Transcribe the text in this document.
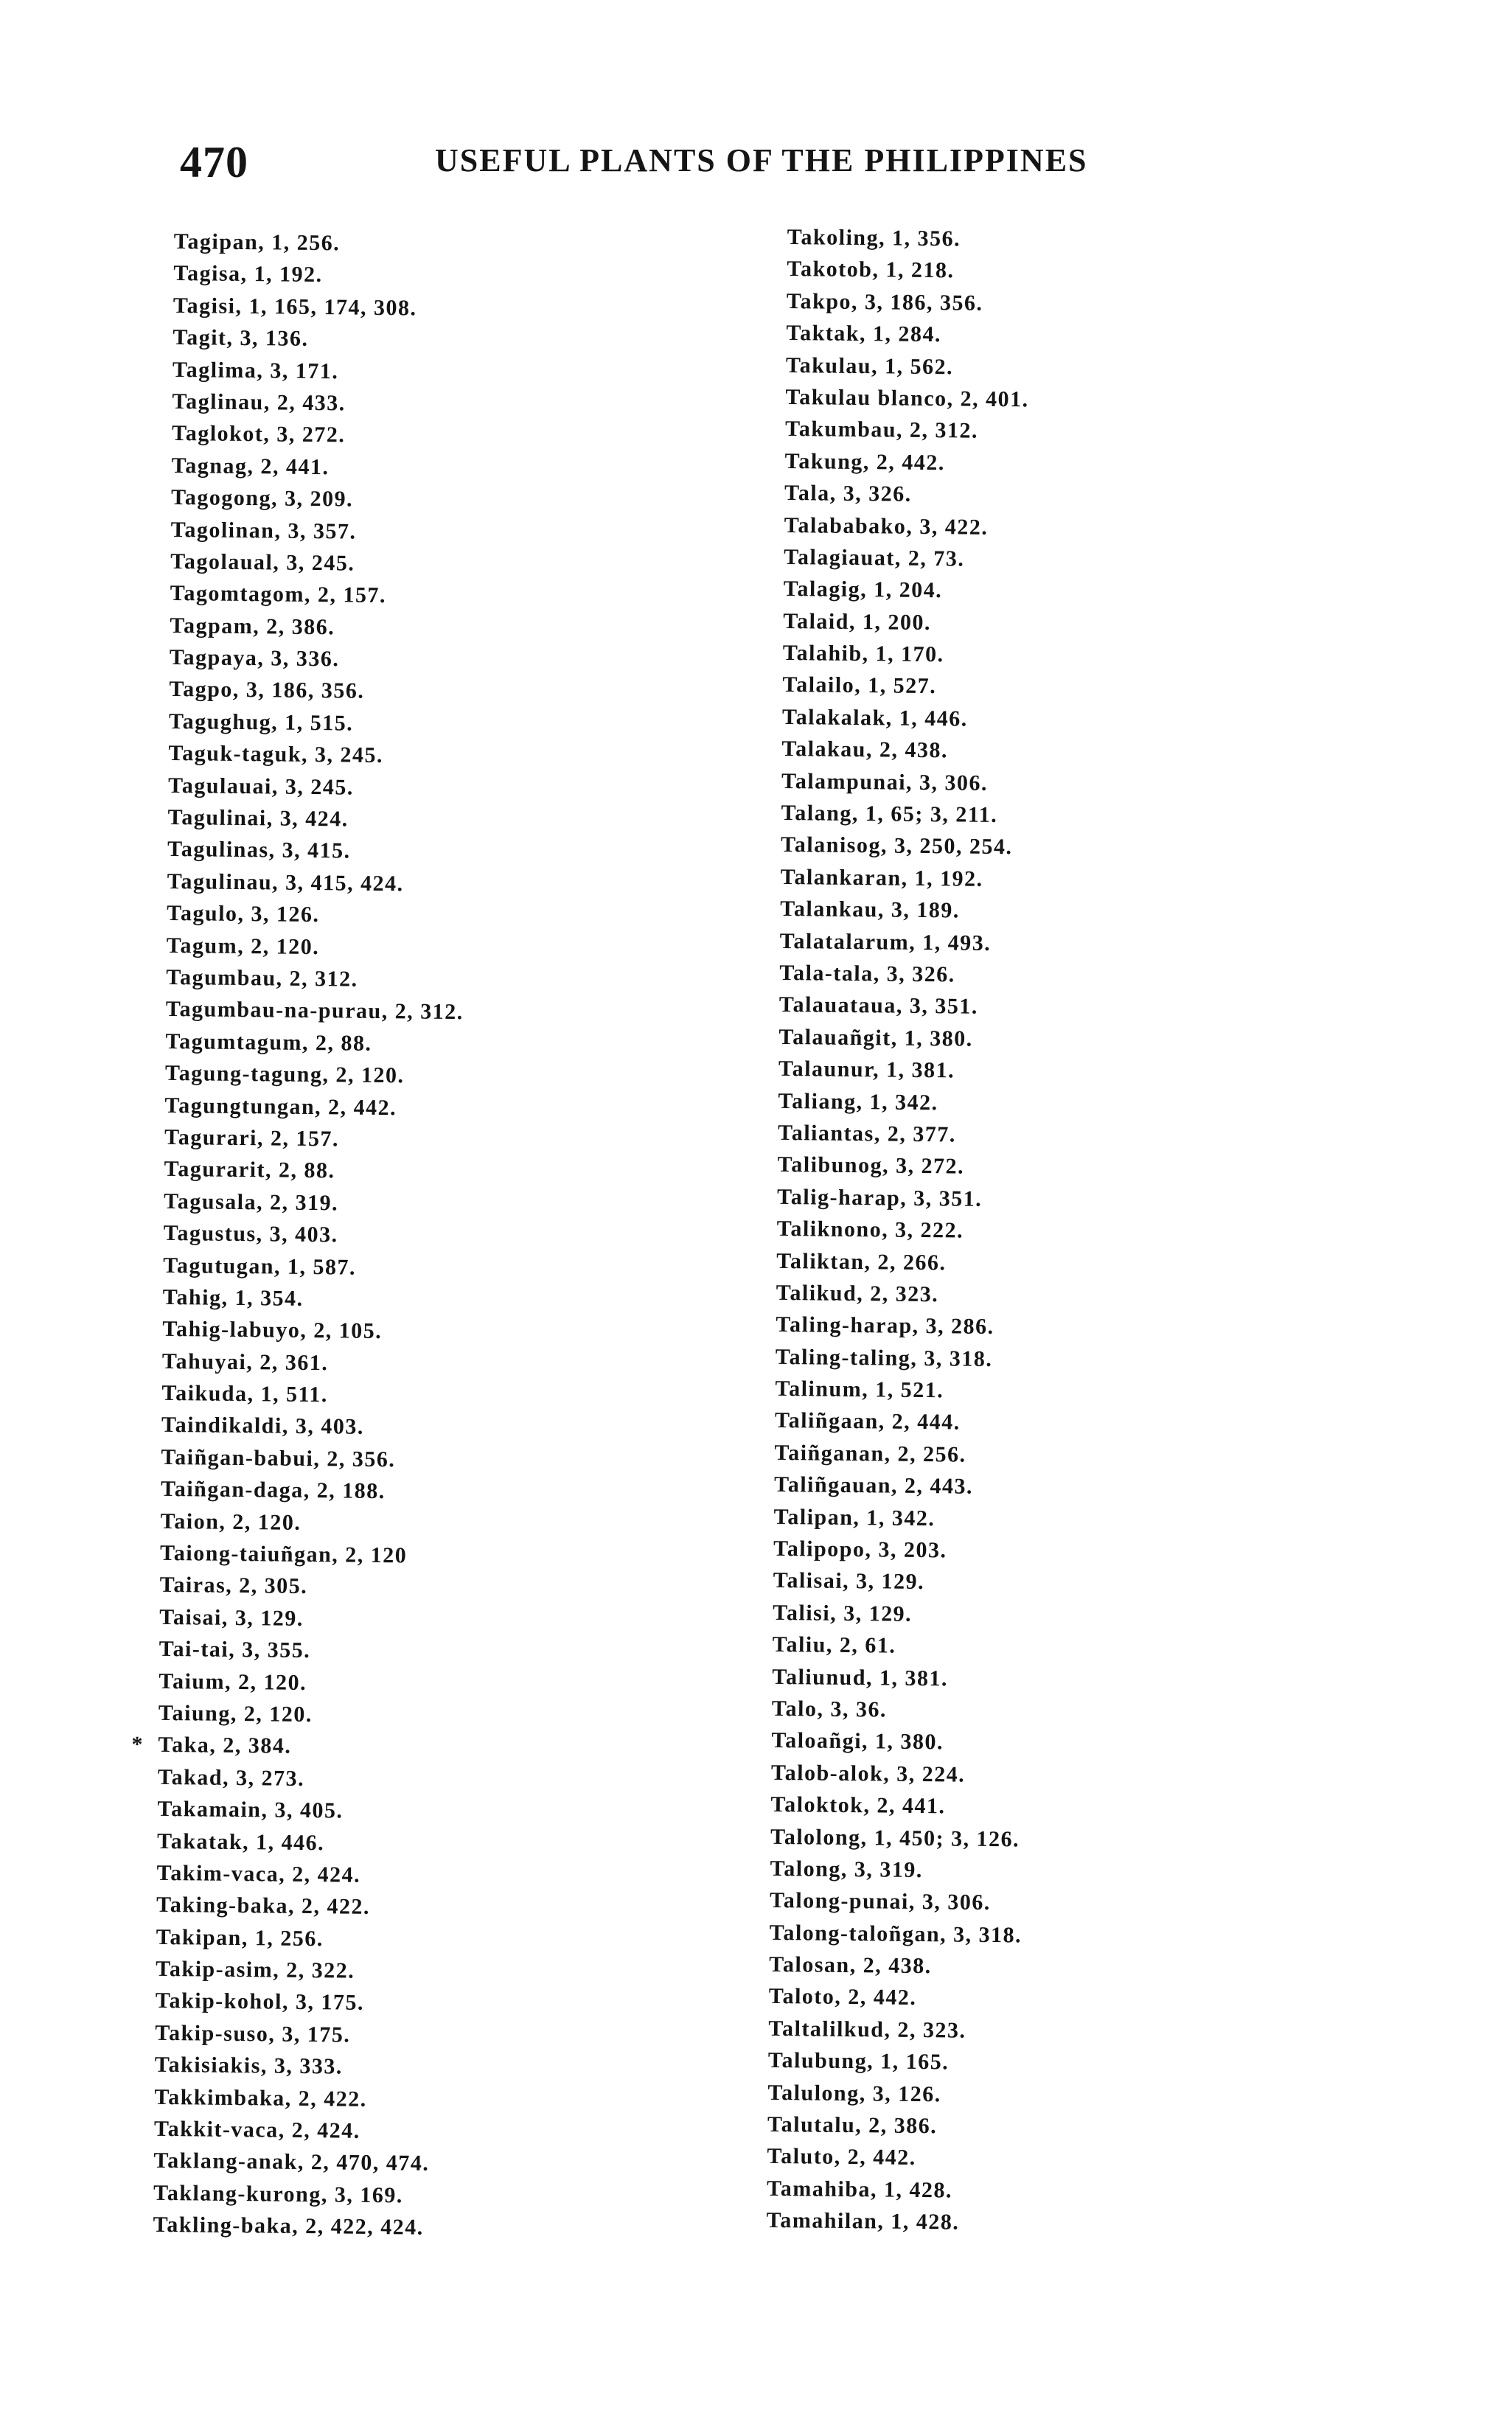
470	USEFUL PLANTS OF THE PHILIPPINES
Tagipan, 1, 256.
Tagisa, 1, 192.
Tagisi, 1, 165, 174, 308.
Tagit, 3, 136.
Taglima, 3, 171.
Taglinau, 2, 433.
Taglokot, 3, 272.
Tagnag, 2, 441.
Tagogong, 3, 209.
Tagolinan, 3, 357.
Tagolaual, 3, 245.
Tagomtagom, 2, 157.
Tagpam, 2, 386.
Tagpaya, 3, 336.
Tagpo, 3, 186, 356.
Tagughug, 1, 515.
Taguk-taguk, 3, 245.
Tagulauai, 3, 245.
Tagulinai, 3, 424.
Tagulinas, 3, 415.
Tagulinau, 3, 415, 424.
Tagulo, 3, 126.
Tagum, 2, 120.
Tagumbau, 2, 312.
Tagumbau-na-purau, 2, 312.
Tagumtagum, 2, 88.
Tagung-tagung, 2, 120.
Tagungtungan, 2, 442.
Tagurari, 2, 157.
Tagurarit, 2, 88.
Tagusala, 2, 319.
Tagustus, 3, 403.
Tagutugan, 1, 587.
Tahig, 1, 354.
Tahig-labuyo, 2, 105.
Tahuyai, 2, 361.
Taikuda, 1, 511.
Taindikaldi, 3, 403.
Taiñgan-babui, 2, 356.
Taiñgan-daga, 2, 188.
Taion, 2, 120.
Taiong-taiuñgan, 2, 120
Tairas, 2, 305.
Taisai, 3, 129.
Tai-tai, 3, 355.
Taium, 2, 120.
Taiung, 2, 120.
* Taka, 2, 384.
Takad, 3, 273.
Takamain, 3, 405.
Takatak, 1, 446.
Takim-vaca, 2, 424.
Taking-baka, 2, 422.
Takipan, 1, 256.
Takip-asim, 2, 322.
Takip-kohol, 3, 175.
Takip-suso, 3, 175.
Takisiakis, 3, 333.
Takkimbaka, 2, 422.
Takkit-vaca, 2, 424.
Taklang-anak, 2, 470, 474.
Taklang-kurong, 3, 169.
Takling-baka, 2, 422, 424.
Takoling, 1, 356.
Takotob, 1, 218.
Takpo, 3, 186, 356.
Taktak, 1, 284.
Takulau, 1, 562.
Takulau blanco, 2, 401.
Takumbau, 2, 312.
Takung, 2, 442.
Tala, 3, 326.
Talababako, 3, 422.
Talagiauat, 2, 73.
Talagig, 1, 204.
Talaid, 1, 200.
Talahib, 1, 170.
Talailo, 1, 527.
Talakalak, 1, 446.
Talakau, 2, 438.
Talampunai, 3, 306.
Talang, 1, 65; 3, 211.
Talanisog, 3, 250, 254.
Talankaran, 1, 192.
Talankau, 3, 189.
Talatalarum, 1, 493.
Tala-tala, 3, 326.
Talauataua, 3, 351.
Talauañgit, 1, 380.
Talaunur, 1, 381.
Taliang, 1, 342.
Taliantas, 2, 377.
Talibunog, 3, 272.
Talig-harap, 3, 351.
Taliknono, 3, 222.
Taliktan, 2, 266.
Talikud, 2, 323.
Taling-harap, 3, 286.
Taling-taling, 3, 318.
Talinum, 1, 521.
Taliñgaan, 2, 444.
Taiñganan, 2, 256.
Taliñgauan, 2, 443.
Talipan, 1, 342.
Talipopo, 3, 203.
Talisai, 3, 129.
Talisi, 3, 129.
Taliu, 2, 61.
Taliunud, 1, 381.
Talo, 3, 36.
Taloañgi, 1, 380.
Talob-alok, 3, 224.
Taloktok, 2, 441.
Talolong, 1, 450; 3, 126.
Talong, 3, 319.
Talong-punai, 3, 306.
Talong-taloñgan, 3, 318.
Talosan, 2, 438.
Taloto, 2, 442.
Taltalilkud, 2, 323.
Talubung, 1, 165.
Talulong, 3, 126.
Talutalu, 2, 386.
Taluto, 2, 442.
Tamahiba, 1, 428.
Tamahilan, 1, 428.
